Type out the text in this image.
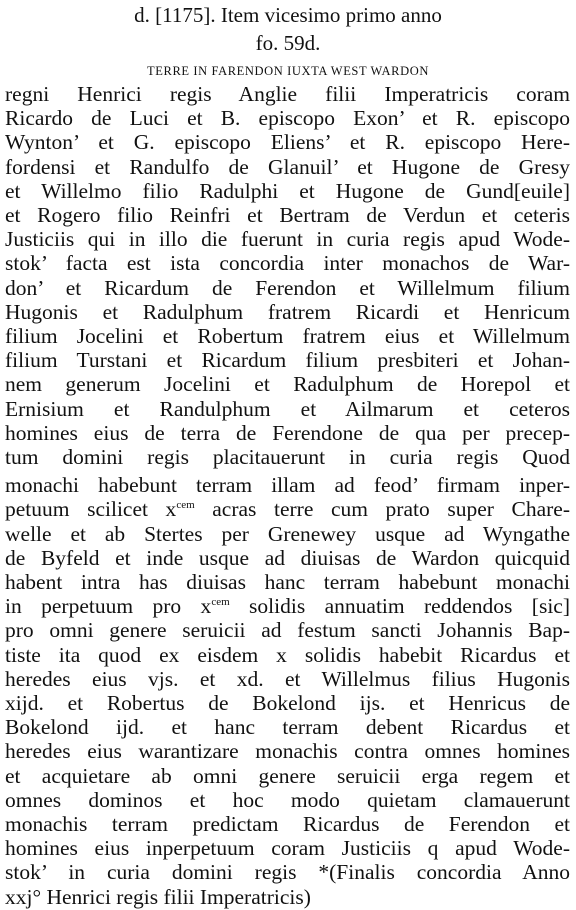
d. [1175]. Item vicesimo primo anno
fo. 59d.
TERRE IN FARENDON IUXTA WEST WARDON

regni Henrici regis Anglie filii Imperatricis coram

Ricardo de Luci et B. episcopo Exon’ et R. episcopo

Wynton’ et G. episcopo Eliens’ et R. episcopo Here-

fordensi et Randulfo de Glanuil’ et Hugone de Gresy

et Willelmo filio Radulphi et Hugone de Gund[euile]

et Rogero filio Reinfri et Bertram de Verdun et ceteris

Justiciis qui in illo die fuerunt in curia regis apud Wode-

stok’ facta est ista concordia inter monachos de War-

don’ et Ricardum de Ferendon et Willelmum filium

Hugonis et Radulphum fratrem Ricardi et Henricum

filium Jocelini et Robertum fratrem eius et Willelmum

filium Turstani et Ricardum filium presbiteri et Johan-

nem generum Jocelini et Radulphum de Horepol et

Ernisium et Randulphum et Ailmarum et ceteros

homines eius de terra de Ferendone de qua per precep-

tum domini regis placitauerunt in curia regis Quod

monachi habebunt terram illam ad feod’ firmam inper-

petuum scilicet $x^{cem}$ acras terre cum prato super Chare-

welle et ab Stertes per Grenewey usque ad Wyngathe

de Byfeld et inde usque ad diuisas de Wardon quicquid

habent intra has diuisas hanc terram habebunt monachi

in perpetuum pro $x^{cem}$ solidis annuatim reddendos [sic]

pro omni genere seruicii ad festum sancti Johannis Bap-

tiste ita quod ex eisdem x solidis habebit Ricardus et

heredes eius vjs. et xd. et Willelmus filius Hugonis

xijd. et Robertus de Bokelond ijs. et Henricus de

Bokelond ijd. et hanc terram debent Ricardus et

heredes eius warantizare monachis contra omnes homines

et acquietare ab omni genere seruicii erga regem et

omnes dominos et hoc modo quietam clamauerunt

monachis terram predictam Ricardus de Ferendon et

homines eius inperpetuum coram Justiciis q apud Wode-

stok’ in curia domini regis *(Finalis concordia Anno

xxj° Henrici regis filii Imperatricis)
